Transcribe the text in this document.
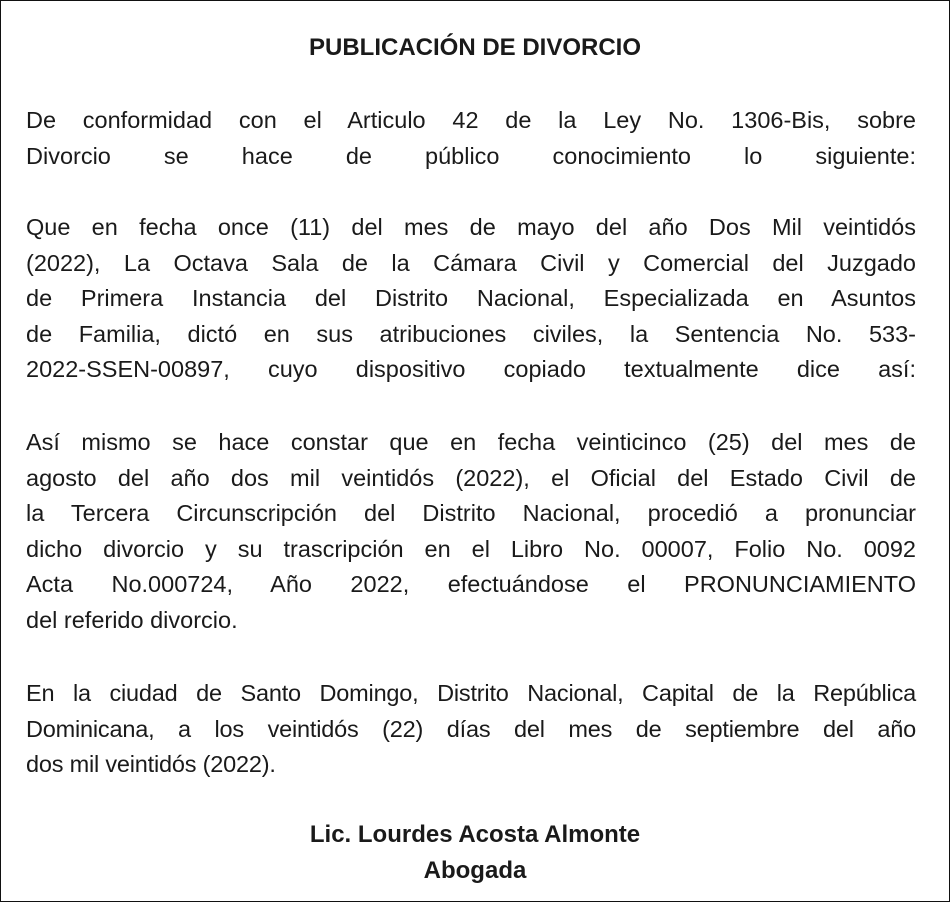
PUBLICACIÓN DE DIVORCIO

De conformidad con el Articulo 42 de la Ley No. 1306-Bis, sobre
Divorcio se hace de público conocimiento lo siguiente:

Que en fecha once (11) del mes de mayo del año Dos Mil veintidós
(2022), La Octava Sala de la Cámara Civil y Comercial del Juzgado
de Primera Instancia del Distrito Nacional, Especializada en Asuntos
de Familia, dictó en sus atribuciones civiles, la Sentencia No. 533-
2022-SSEN-00897, cuyo dispositivo copiado textualmente dice así:

Así mismo se hace constar que en fecha veinticinco (25) del mes de
agosto del año dos mil veintidós (2022), el Oficial del Estado Civil de
la Tercera Circunscripción del Distrito Nacional, procedió a pronunciar
dicho divorcio y su trascripción en el Libro No. 00007, Folio No. 0092
Acta No.000724, Año 2022, efectuándose el PRONUNCIAMIENTO
del referido divorcio.

En la ciudad de Santo Domingo, Distrito Nacional, Capital de la República
Dominicana, a los veintidós (22) días del mes de septiembre del año
dos mil veintidós (2022).

Lic. Lourdes Acosta Almonte
Abogada
